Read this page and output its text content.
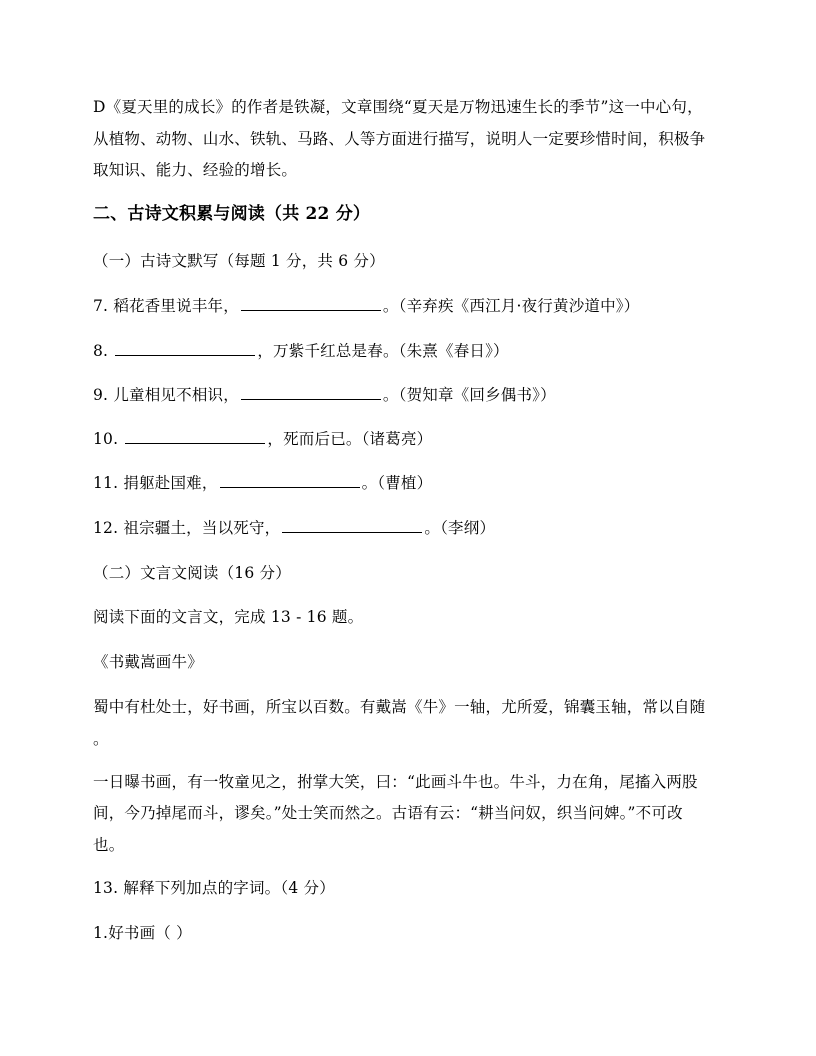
D《夏天里的成长》的作者是铁凝，文章围绕“夏天是万物迅速生长的季节”这一中心句，
从植物、动物、山水、铁轨、马路、人等方面进行描写，说明人一定要珍惜时间，积极争
取知识、能力、经验的增长。
二、古诗文积累与阅读（共 22 分）
（一）古诗文默写（每题 1 分，共 6 分）
7. 稻花香里说丰年，	。（辛弃疾《西江月·夜行黄沙道中》）
8.	，万紫千红总是春。（朱熹《春日》）
9. 儿童相见不相识，	。（贺知章《回乡偶书》）
10.	，死而后已。（诸葛亮）
11. 捐躯赴国难，	。（曹植）
12. 祖宗疆土，当以死守，	。（李纲）
（二）文言文阅读（16 分）
阅读下面的文言文，完成 13 - 16 题。
《书戴嵩画牛》
蜀中有杜处士，好书画，所宝以百数。有戴嵩《牛》一轴，尤所爱，锦囊玉轴，常以自随
。
一日曝书画，有一牧童见之，拊掌大笑，曰：“此画斗牛也。牛斗，力在角，尾搐入两股
间，今乃掉尾而斗，谬矣。”处士笑而然之。古语有云：“耕当问奴，织当问婢。”不可改
也。
13. 解释下列加点的字词。（4 分）
1.好书画（ ）
